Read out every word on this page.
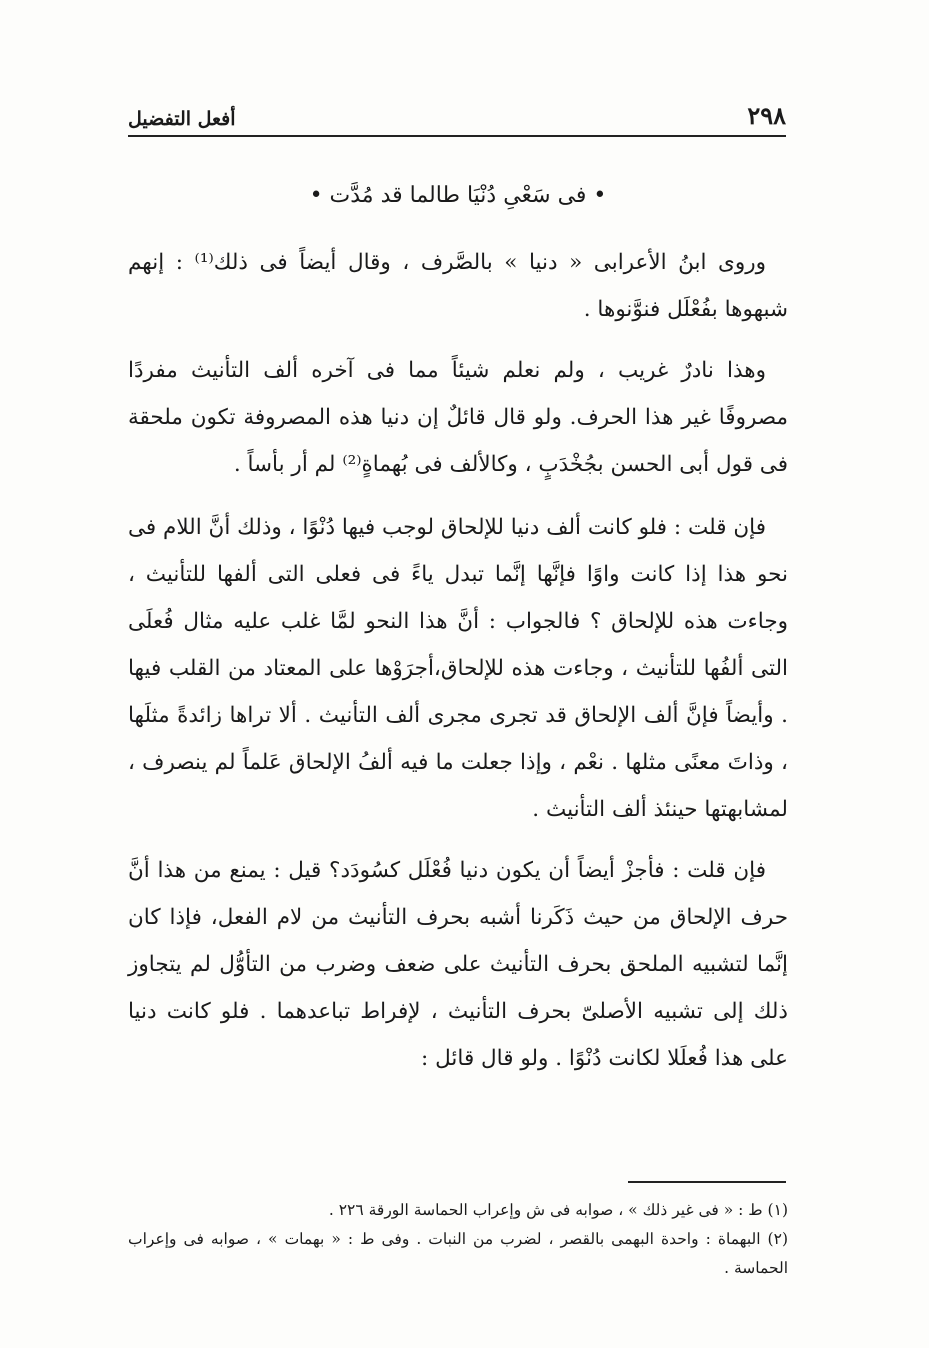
٢٩٨
أفعل التفضيل

• فى سَعْىِ دُنْيَا طالما قد مُدَّت •

وروى ابنُ الأعرابى « دنيا » بالصَّرف ، وقال أيضاً فى ذلك⁽¹⁾ : إنهم شبهوها بفُعْلَل فنوَّنوها .

وهذا نادرٌ غريب ، ولم نعلم شيئاً مما فى آخره ألف التأنيث مفردًا مصروفًا غير هذا الحرف. ولو قال قائلٌ إن دنيا هذه المصروفة تكون ملحقة فى قول أبى الحسن بجُخْدَبٍ ، وكالألف فى بُهماةٍ⁽²⁾ لم أر بأساً .

فإن قلت : فلو كانت ألف دنيا للإلحاق لوجب فيها دُنْوًا ، وذلك أنَّ اللام فى نحو هذا إذا كانت واوًا فإنَّها إنَّما تبدل ياءً فى فعلى التى ألفها للتأنيث ، وجاءت هذه للإلحاق ؟ فالجواب : أنَّ هذا النحو لمَّا غلب عليه مثال فُعلَى التى ألفُها للتأنيث ، وجاءت هذه للإلحاق،أجرَوْها على المعتاد من القلب فيها . وأيضاً فإنَّ ألف الإلحاق قد تجرى مجرى ألف التأنيث . ألا تراها زائدةً مثلَها ، وذاتَ معنًى مثلها . نعْم ، وإذا جعلت ما فيه ألفُ الإلحاق عَلماً لم ينصرف ، لمشابهتها حينئذ ألف التأنيث .

فإن قلت : فأجزْ أيضاً أن يكون دنيا فُعْلَل كسُودَد؟ قيل : يمنع من هذا أنَّ حرف الإلحاق من حيث ذَكَرنا أشبه بحرف التأنيث من لام الفعل، فإذا كان إنَّما لتشبيه الملحق بحرف التأنيث على ضعف وضرب من التأوُّل لم يتجاوز ذلك إلى تشبيه الأصلىّ بحرف التأنيث ، لإفراط تباعدهما . فلو كانت دنيا على هذا فُعلَلا لكانت دُنْوًا . ولو قال قائل :

(١) ط : « فى غير ذلك » ، صوابه فى ش وإعراب الحماسة الورقة ٢٢٦ .

(٢) البهماة : واحدة البهمى بالقصر ، لضرب من النبات . وفى ط : « بهمات » ، صوابه فى وإعراب الحماسة .
